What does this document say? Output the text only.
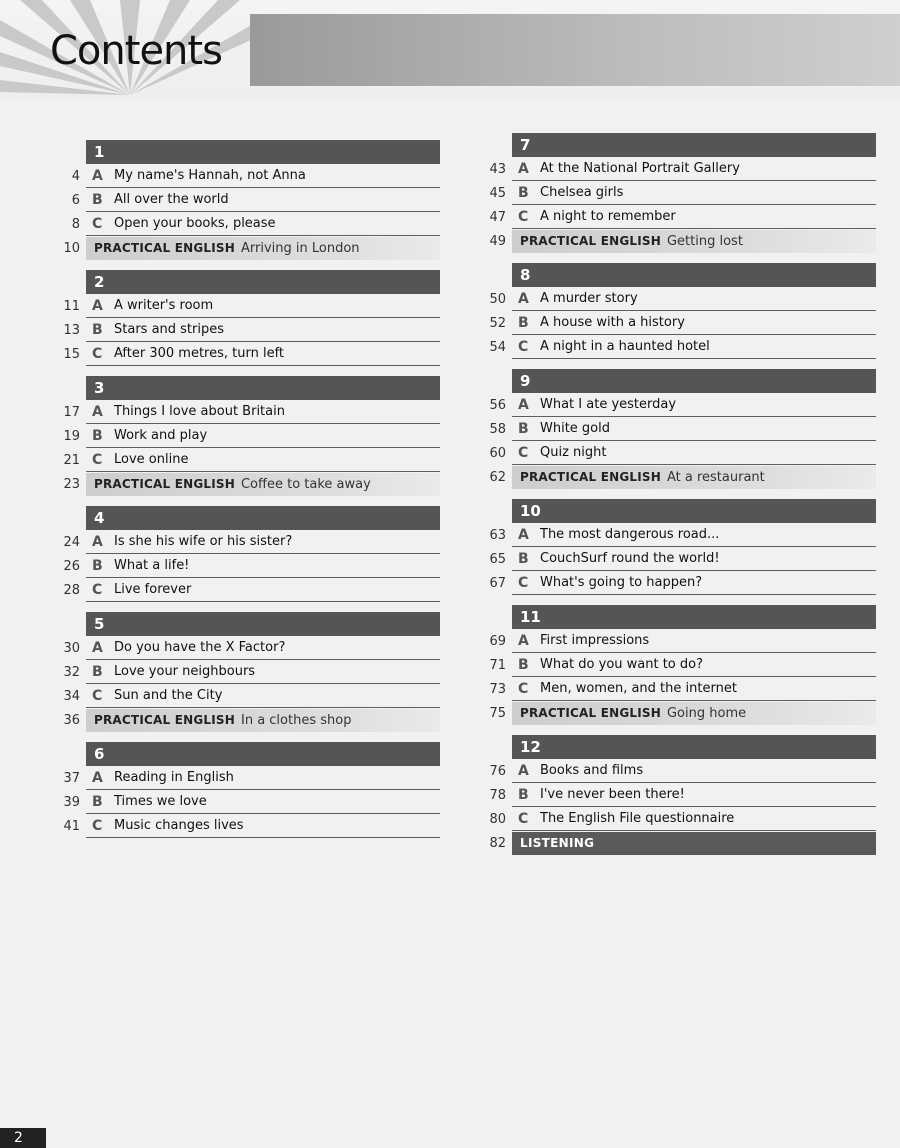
Contents
1
4 A My name's Hannah, not Anna
6 B All over the world
8 C Open your books, please
10	PRACTICAL ENGLISH Arriving in London
2
11 A A writer's room
13 B Stars and stripes
15 C After 300 metres, turn left
3
17 A Things I love about Britain
19 B Work and play
21 C Love online
23	PRACTICAL ENGLISH Coffee to take away
4
24 A Is she his wife or his sister?
26 B What a life!
28 C Live forever
5
30 A Do you have the X Factor?
32 B Love your neighbours
34 C Sun and the City
36	PRACTICAL ENGLISH In a clothes shop
6
37 A Reading in English
39 B Times we love
41 C Music changes lives
7
43 A At the National Portrait Gallery
45 B Chelsea girls
47 C A night to remember
49	PRACTICAL ENGLISH Getting lost
8
50 A A murder story
52 B A house with a history
54 C A night in a haunted hotel
9
56 A What I ate yesterday
58 B White gold
60 C Quiz night
62	PRACTICAL ENGLISH At a restaurant
10
63 A The most dangerous road...
65 B CouchSurf round the world!
67 C What's going to happen?
11
69 A First impressions
71 B What do you want to do?
73 C Men, women, and the internet
75	PRACTICAL ENGLISH Going home
12
76 A Books and films
78 B I've never been there!
80 C The English File questionnaire
82	LISTENING
2
